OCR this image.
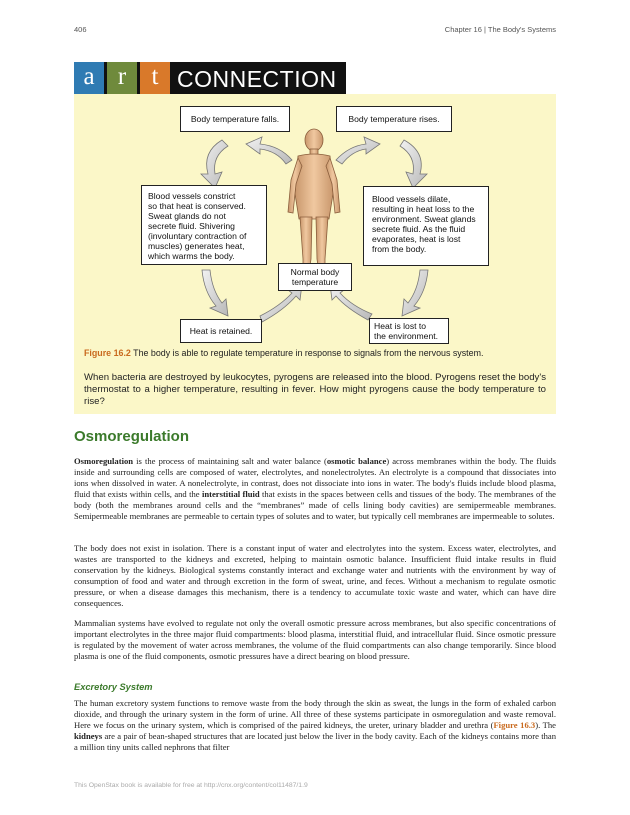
406	Chapter 16 | The Body's Systems
a r	t CONNECTION
Body temperature falls.	Body temperature rises.
Blood vessels constrict
so that heat is conserved.
Sweat glands do not
secrete fluid. Shivering
(involuntary contraction of
muscles) generates heat,
which warms the body.
Blood vessels dilate,
resulting in heat loss to the
environment. Sweat glands
secrete fluid. As the fluid
evaporates, heat is lost
from the body.
Normal body
temperature
Heat is retained.	Heat is lost to
the environment.
Figure 16.2 The body is able to regulate temperature in response to signals from the nervous system.
When bacteria are destroyed by leukocytes, pyrogens are released into the blood. Pyrogens reset the body's thermostat to a higher temperature, resulting in fever. How might pyrogens cause the body temperature to rise?
Osmoregulation

Osmoregulation is the process of maintaining salt and water balance (osmotic balance) across membranes within the body. The fluids inside and surrounding cells are composed of water, electrolytes, and nonelectrolytes. An electrolyte is a compound that dissociates into ions when dissolved in water. A nonelectrolyte, in contrast, does not dissociate into ions in water. The body's fluids include blood plasma, fluid that exists within cells, and the interstitial fluid that exists in the spaces between cells and tissues of the body. The membranes of the body (both the membranes around cells and the “membranes” made of cells lining body cavities) are semipermeable membranes. Semipermeable membranes are permeable to certain types of solutes and to water, but typically cell membranes are impermeable to solutes.

The body does not exist in isolation. There is a constant input of water and electrolytes into the system. Excess water, electrolytes, and wastes are transported to the kidneys and excreted, helping to maintain osmotic balance. Insufficient fluid intake results in fluid conservation by the kidneys. Biological systems constantly interact and exchange water and nutrients with the environment by way of consumption of food and water and through excretion in the form of sweat, urine, and feces. Without a mechanism to regulate osmotic pressure, or when a disease damages this mechanism, there is a tendency to accumulate toxic waste and water, which can have dire consequences.

Mammalian systems have evolved to regulate not only the overall osmotic pressure across membranes, but also specific concentrations of important electrolytes in the three major fluid compartments: blood plasma, interstitial fluid, and intracellular fluid. Since osmotic pressure is regulated by the movement of water across membranes, the volume of the fluid compartments can also change temporarily. Since blood plasma is one of the fluid components, osmotic pressures have a direct bearing on blood pressure.

Excretory System

The human excretory system functions to remove waste from the body through the skin as sweat, the lungs in the form of exhaled carbon dioxide, and through the urinary system in the form of urine. All three of these systems participate in osmoregulation and waste removal. Here we focus on the urinary system, which is comprised of the paired kidneys, the ureter, urinary bladder and urethra (Figure 16.3). The kidneys are a pair of bean-shaped structures that are located just below the liver in the body cavity. Each of the kidneys contains more than a million tiny units called nephrons that filter

This OpenStax book is available for free at http://cnx.org/content/col11487/1.9
